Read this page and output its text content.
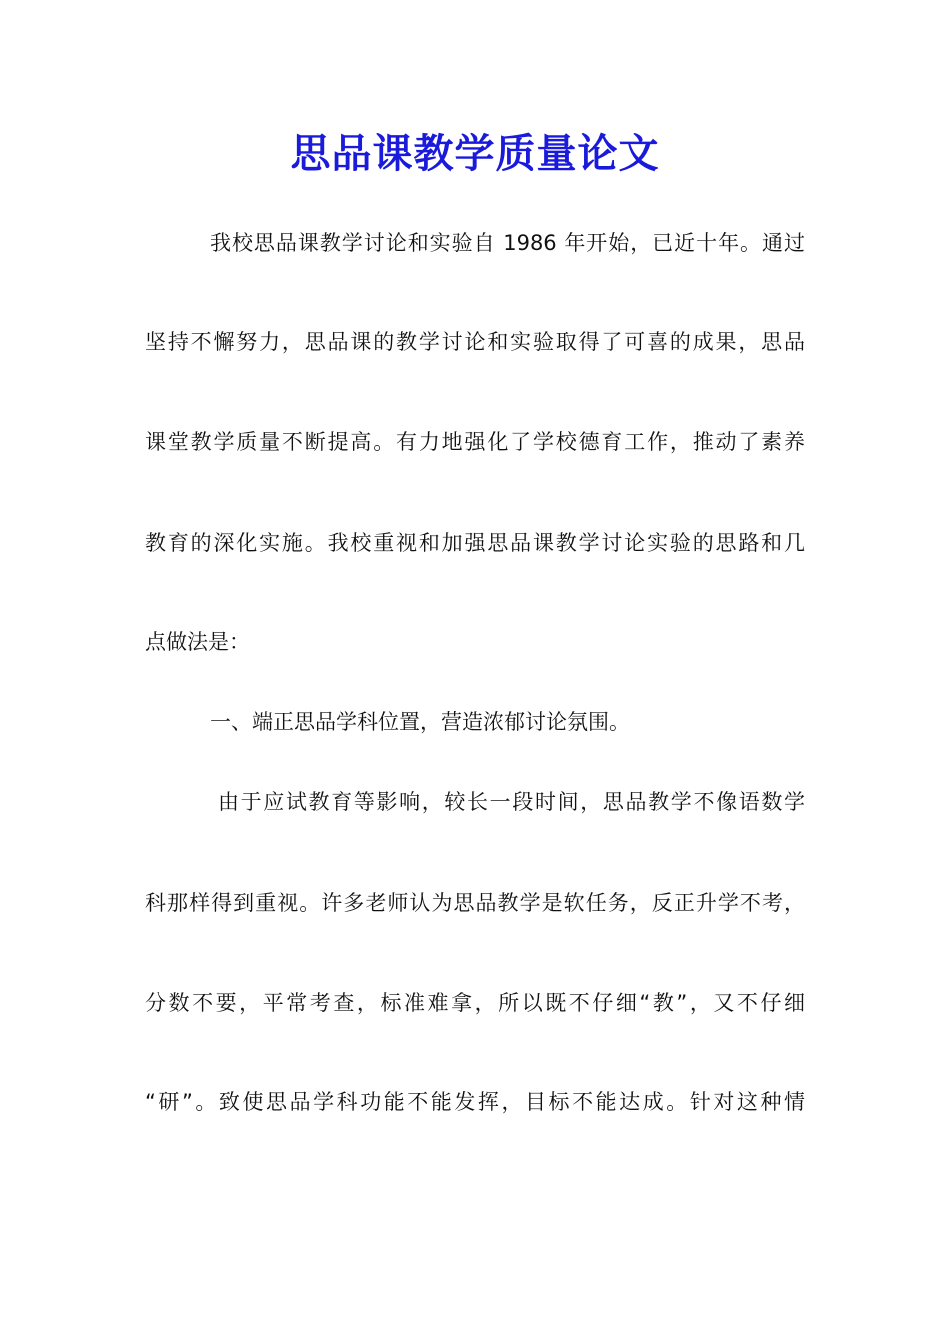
思品课教学质量论文

我校思品课教学讨论和实验自 1986 年开始，已近十年。通过

坚持不懈努力，思品课的教学讨论和实验取得了可喜的成果，思品

课堂教学质量不断提高。有力地强化了学校德育工作，推动了素养

教育的深化实施。我校重视和加强思品课教学讨论实验的思路和几

点做法是：

一、端正思品学科位置，营造浓郁讨论氛围。

由于应试教育等影响，较长一段时间，思品教学不像语数学

科那样得到重视。许多老师认为思品教学是软任务，反正升学不考，

分数不要，平常考查，标准难拿，所以既不仔细“教”，又不仔细

“研”。致使思品学科功能不能发挥，目标不能达成。针对这种情
